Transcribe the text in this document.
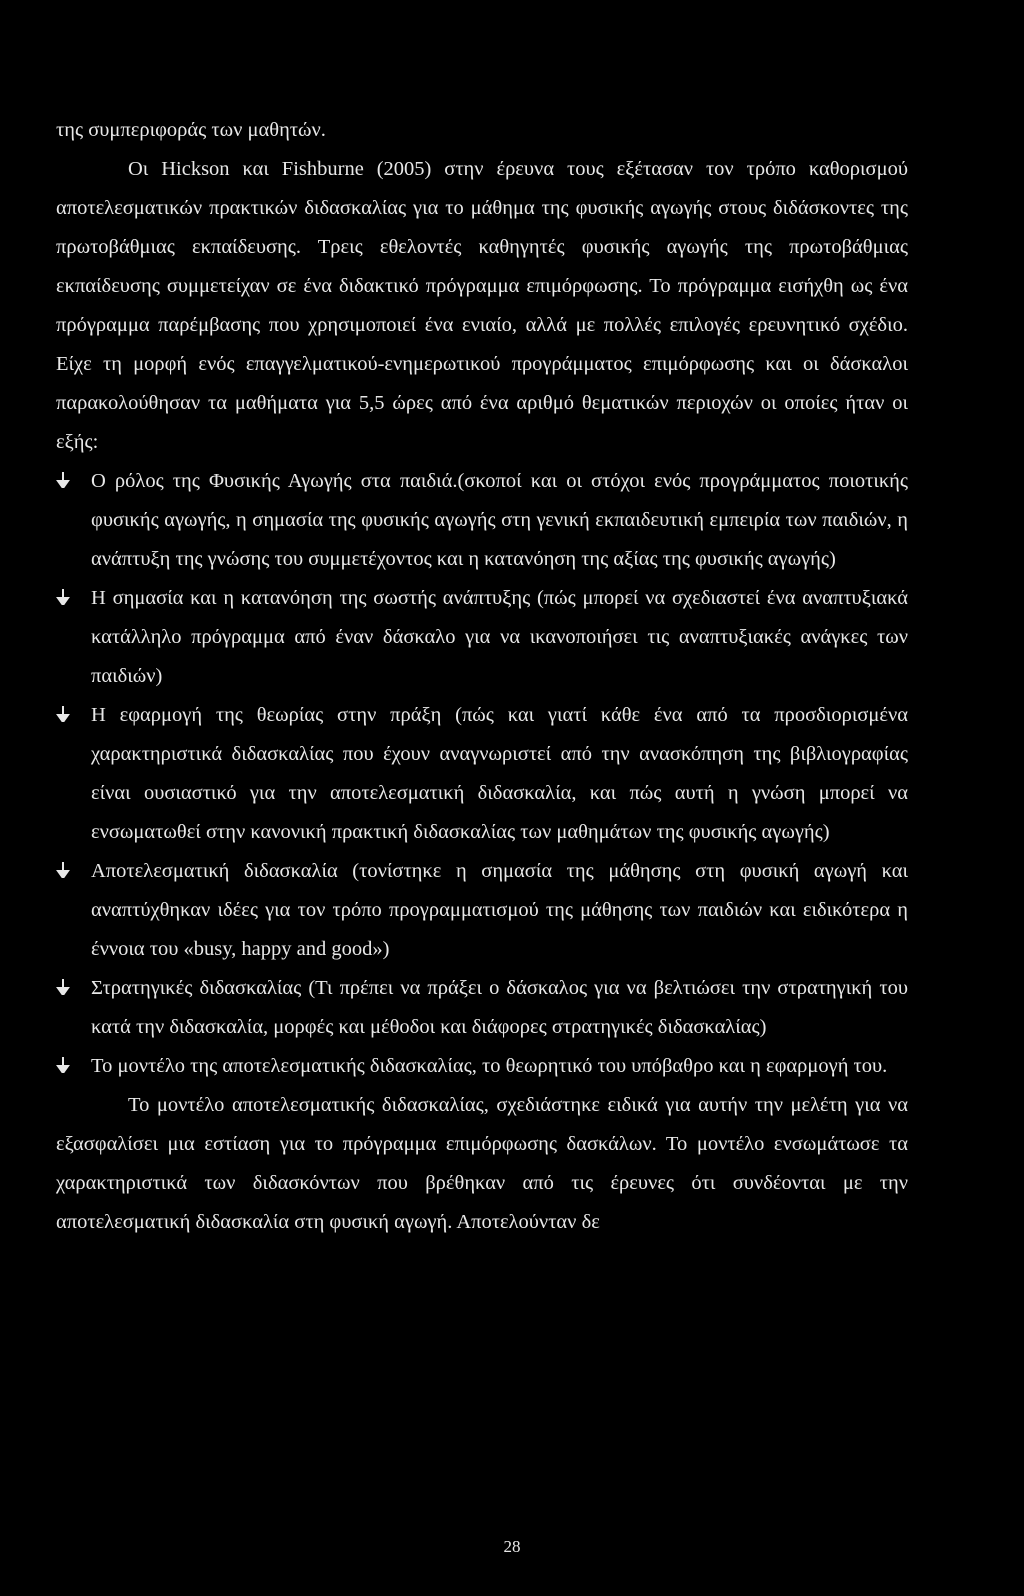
της συμπεριφοράς των μαθητών.

Οι Hickson και Fishburne (2005) στην έρευνα τους εξέτασαν τον τρόπο καθορισμού αποτελεσματικών πρακτικών διδασκαλίας για το μάθημα της φυσικής αγωγής στους διδάσκοντες της πρωτοβάθμιας εκπαίδευσης. Τρεις εθελοντές καθηγητές φυσικής αγωγής της πρωτοβάθμιας εκπαίδευσης συμμετείχαν σε ένα διδακτικό πρόγραμμα επιμόρφωσης. Το πρόγραμμα εισήχθη ως ένα πρόγραμμα παρέμβασης που χρησιμοποιεί ένα ενιαίο, αλλά με πολλές επιλογές ερευνητικό σχέδιο. Είχε τη μορφή ενός επαγγελματικού-ενημερωτικού προγράμματος επιμόρφωσης και οι δάσκαλοι παρακολούθησαν τα μαθήματα για 5,5 ώρες από ένα αριθμό θεματικών περιοχών οι οποίες ήταν οι εξής:

Ο ρόλος της Φυσικής Αγωγής στα παιδιά.(σκοποί και οι στόχοι ενός προγράμματος ποιοτικής φυσικής αγωγής, η σημασία της φυσικής αγωγής στη γενική εκπαιδευτική εμπειρία των παιδιών, η ανάπτυξη της γνώσης του συμμετέχοντος και η κατανόηση της αξίας της φυσικής αγωγής)
Η σημασία και η κατανόηση της σωστής ανάπτυξης (πώς μπορεί να σχεδιαστεί ένα αναπτυξιακά κατάλληλο πρόγραμμα από έναν δάσκαλο για να ικανοποιήσει τις αναπτυξιακές ανάγκες των παιδιών)
Η εφαρμογή της θεωρίας στην πράξη (πώς και γιατί κάθε ένα από τα προσδιορισμένα χαρακτηριστικά διδασκαλίας που έχουν αναγνωριστεί από την ανασκόπηση της βιβλιογραφίας είναι ουσιαστικό για την αποτελεσματική διδασκαλία, και πώς αυτή η γνώση μπορεί να ενσωματωθεί στην κανονική πρακτική διδασκαλίας των μαθημάτων της φυσικής αγωγής)
Αποτελεσματική διδασκαλία (τονίστηκε η σημασία της μάθησης στη φυσική αγωγή και αναπτύχθηκαν ιδέες για τον τρόπο προγραμματισμού της μάθησης των παιδιών και ειδικότερα η έννοια του «busy, happy and good»)
Στρατηγικές διδασκαλίας (Τι πρέπει να πράξει ο δάσκαλος για να βελτιώσει την στρατηγική του κατά την διδασκαλία, μορφές και μέθοδοι και διάφορες στρατηγικές διδασκαλίας)
Το μοντέλο της αποτελεσματικής διδασκαλίας, το θεωρητικό του υπόβαθρο και η εφαρμογή του.

Το μοντέλο αποτελεσματικής διδασκαλίας, σχεδιάστηκε ειδικά για αυτήν την μελέτη για να εξασφαλίσει μια εστίαση για το πρόγραμμα επιμόρφωσης δασκάλων. Το μοντέλο ενσωμάτωσε τα χαρακτηριστικά των διδασκόντων που βρέθηκαν από τις έρευνες ότι συνδέονται με την αποτελεσματική διδασκαλία στη φυσική αγωγή. Αποτελούνταν δε

28
